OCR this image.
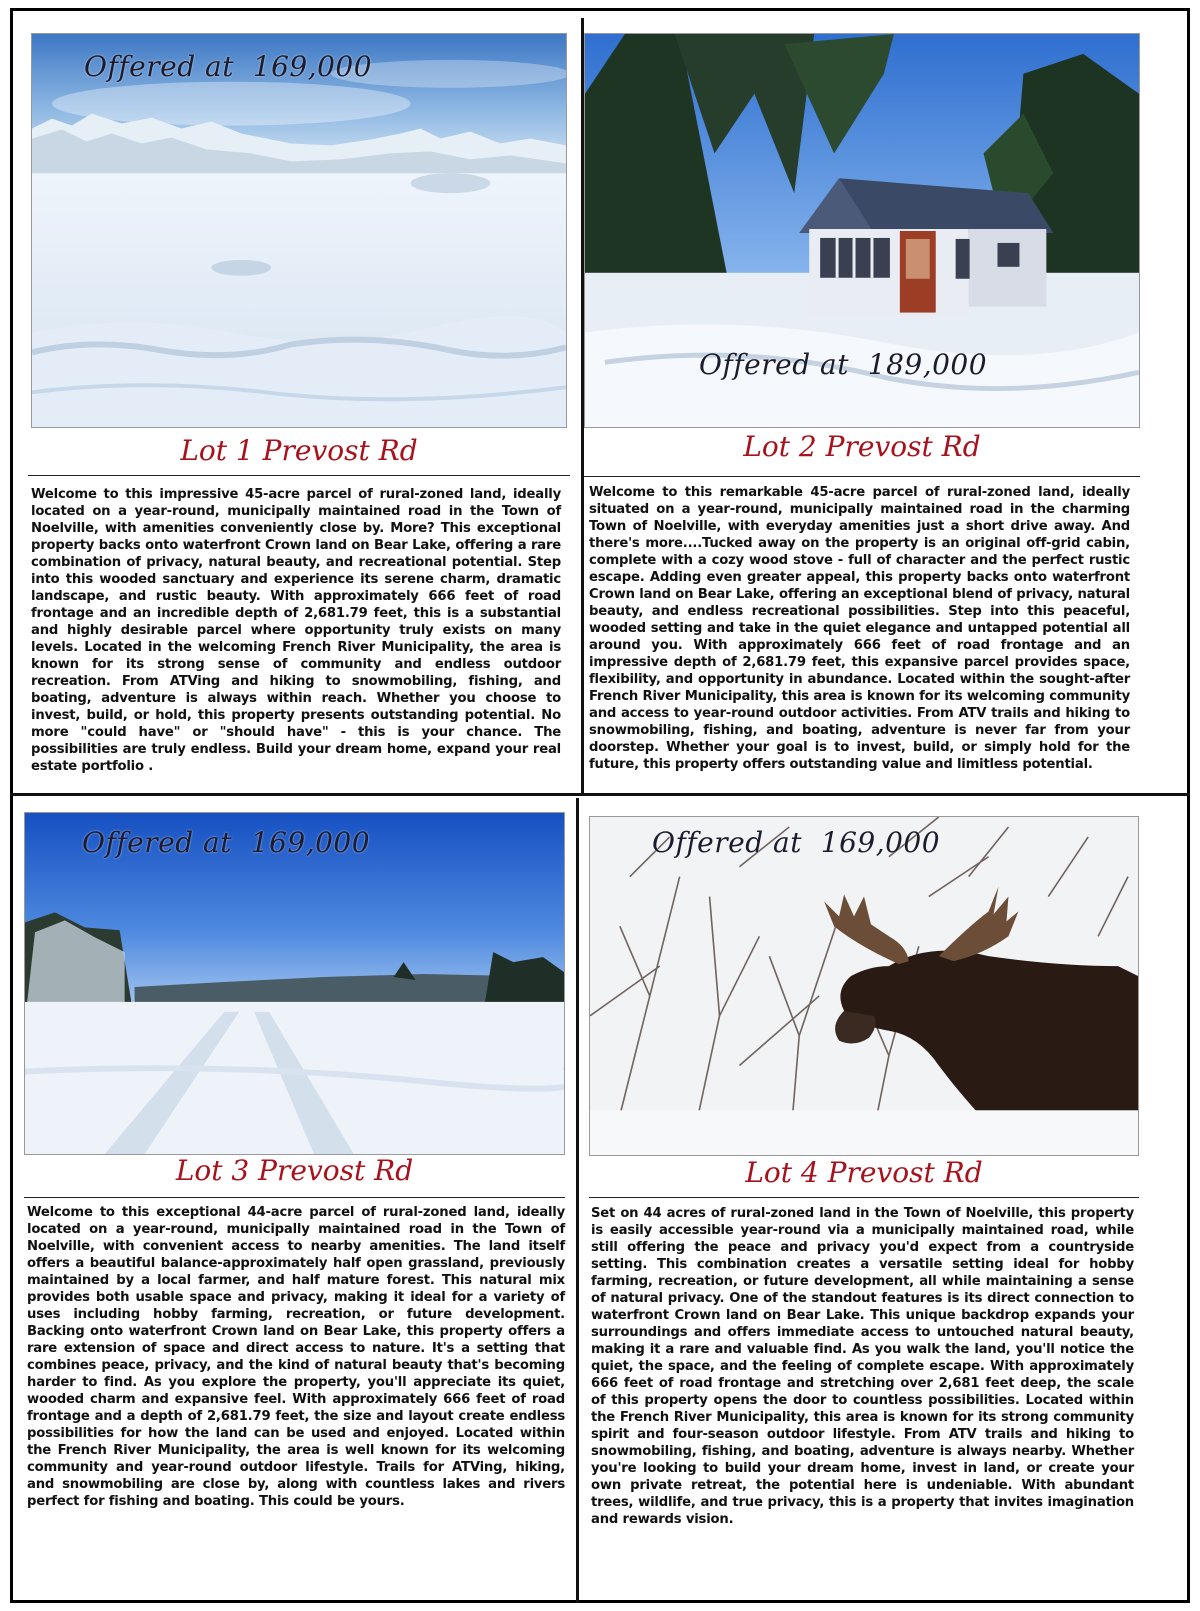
Offered at  169,000
Lot 1 Prevost Rd
Welcome to this impressive 45-acre parcel of rural-zoned land, ideally located on a year-round, municipally maintained road in the Town of Noelville, with amenities conveniently close by. More? This exceptional property backs onto waterfront Crown land on Bear Lake, offering a rare combination of privacy, natural beauty, and recreational potential. Step into this wooded sanctuary and experience its serene charm, dramatic landscape, and rustic beauty. With approximately 666 feet of road frontage and an incredible depth of 2,681.79 feet, this is a substantial and highly desirable parcel where opportunity truly exists on many levels. Located in the welcoming French River Municipality, the area is known for its strong sense of community and endless outdoor recreation. From ATVing and hiking to snowmobiling, fishing, and boating, adventure is always within reach. Whether you choose to invest, build, or hold, this property presents outstanding potential. No more "could have" or "should have" - this is your chance. The possibilities are truly endless. Build your dream home, expand your real estate portfolio .
Offered at  189,000
Lot 2 Prevost Rd
Welcome to this remarkable 45-acre parcel of rural-zoned land, ideally situated on a year-round, municipally maintained road in the charming Town of Noelville, with everyday amenities just a short drive away. And there's more....Tucked away on the property is an original off-grid cabin, complete with a cozy wood stove - full of character and the perfect rustic escape. Adding even greater appeal, this property backs onto waterfront Crown land on Bear Lake, offering an exceptional blend of privacy, natural beauty, and endless recreational possibilities. Step into this peaceful, wooded setting and take in the quiet elegance and untapped potential all around you. With approximately 666 feet of road frontage and an impressive depth of 2,681.79 feet, this expansive parcel provides space, flexibility, and opportunity in abundance. Located within the sought-after French River Municipality, this area is known for its welcoming community and access to year-round outdoor activities. From ATV trails and hiking to snowmobiling, fishing, and boating, adventure is never far from your doorstep. Whether your goal is to invest, build, or simply hold for the future, this property offers outstanding value and limitless potential.
Offered at  169,000
Lot 3 Prevost Rd
Welcome to this exceptional 44-acre parcel of rural-zoned land, ideally located on a year-round, municipally maintained road in the Town of Noelville, with convenient access to nearby amenities. The land itself offers a beautiful balance-approximately half open grassland, previously maintained by a local farmer, and half mature forest. This natural mix provides both usable space and privacy, making it ideal for a variety of uses including hobby farming, recreation, or future development. Backing onto waterfront Crown land on Bear Lake, this property offers a rare extension of space and direct access to nature. It's a setting that combines peace, privacy, and the kind of natural beauty that's becoming harder to find. As you explore the property, you'll appreciate its quiet, wooded charm and expansive feel. With approximately 666 feet of road frontage and a depth of 2,681.79 feet, the size and layout create endless possibilities for how the land can be used and enjoyed. Located within the French River Municipality, the area is well known for its welcoming community and year-round outdoor lifestyle. Trails for ATVing, hiking, and snowmobiling are close by, along with countless lakes and rivers perfect for fishing and boating. This could be yours.
Offered at  169,000
Lot 4 Prevost Rd
Set on 44 acres of rural-zoned land in the Town of Noelville, this property is easily accessible year-round via a municipally maintained road, while still offering the peace and privacy you'd expect from a countryside setting. This combination creates a versatile setting ideal for hobby farming, recreation, or future development, all while maintaining a sense of natural privacy. One of the standout features is its direct connection to waterfront Crown land on Bear Lake. This unique backdrop expands your surroundings and offers immediate access to untouched natural beauty, making it a rare and valuable find. As you walk the land, you'll notice the quiet, the space, and the feeling of complete escape. With approximately 666 feet of road frontage and stretching over 2,681 feet deep, the scale of this property opens the door to countless possibilities. Located within the French River Municipality, this area is known for its strong community spirit and four-season outdoor lifestyle. From ATV trails and hiking to snowmobiling, fishing, and boating, adventure is always nearby. Whether you're looking to build your dream home, invest in land, or create your own private retreat, the potential here is undeniable. With abundant trees, wildlife, and true privacy, this is a property that invites imagination and rewards vision.
